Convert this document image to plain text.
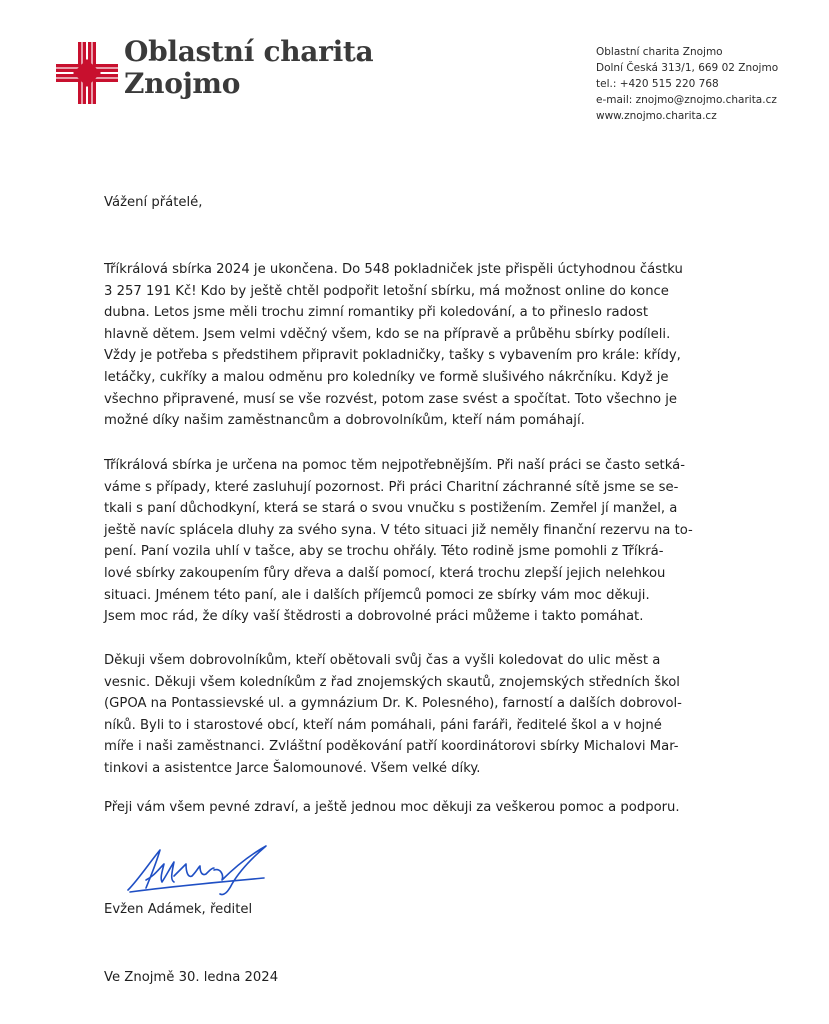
Oblastní charita
Znojmo
Oblastní charita Znojmo
Dolní Česká 313/1, 669 02 Znojmo
tel.: +420 515 220 768
e-mail: znojmo@znojmo.charita.cz
www.znojmo.charita.cz
Vážení přátelé,
Tříkrálová sbírka 2024 je ukončena. Do 548 pokladniček jste přispěli úctyhodnou částku
3 257 191 Kč! Kdo by ještě chtěl podpořit letošní sbírku, má možnost online do konce
dubna. Letos jsme měli trochu zimní romantiky při koledování, a to přineslo radost
hlavně dětem. Jsem velmi vděčný všem, kdo se na přípravě a průběhu sbírky podíleli.
Vždy je potřeba s předstihem připravit pokladničky, tašky s vybavením pro krále: křídy,
letáčky, cukříky a malou odměnu pro koledníky ve formě slušivého nákrčníku. Když je
všechno připravené, musí se vše rozvést, potom zase svést a spočítat. Toto všechno je
možné díky našim zaměstnancům a dobrovolníkům, kteří nám pomáhají.
Tříkrálová sbírka je určena na pomoc těm nejpotřebnějším. Při naší práci se často setká-
váme s případy, které zasluhují pozornost. Při práci Charitní záchranné sítě jsme se se-
tkali s paní důchodkyní, která se stará o svou vnučku s postižením. Zemřel jí manžel, a
ještě navíc splácela dluhy za svého syna. V této situaci již neměly finanční rezervu na to-
pení. Paní vozila uhlí v tašce, aby se trochu ohřály. Této rodině jsme pomohli z Tříkrá-
lové sbírky zakoupením fůry dřeva a další pomocí, která trochu zlepší jejich nelehkou
situaci. Jménem této paní, ale i dalších příjemců pomoci ze sbírky vám moc děkuji.
Jsem moc rád, že díky vaší štědrosti a dobrovolné práci můžeme i takto pomáhat.
Děkuji všem dobrovolníkům, kteří obětovali svůj čas a vyšli koledovat do ulic měst a
vesnic. Děkuji všem koledníkům z řad znojemských skautů, znojemských středních škol
(GPOA na Pontassievské ul. a gymnázium Dr. K. Polesného), farností a dalších dobrovol-
níků. Byli to i starostové obcí, kteří nám pomáhali, páni faráři, ředitelé škol a v hojné
míře i naši zaměstnanci. Zvláštní poděkování patří koordinátorovi sbírky Michalovi Mar-
tinkovi a asistentce Jarce Šalomounové. Všem velké díky.
Přeji vám všem pevné zdraví, a ještě jednou moc děkuji za veškerou pomoc a podporu.
Evžen Adámek, ředitel
Ve Znojmě 30. ledna 2024
